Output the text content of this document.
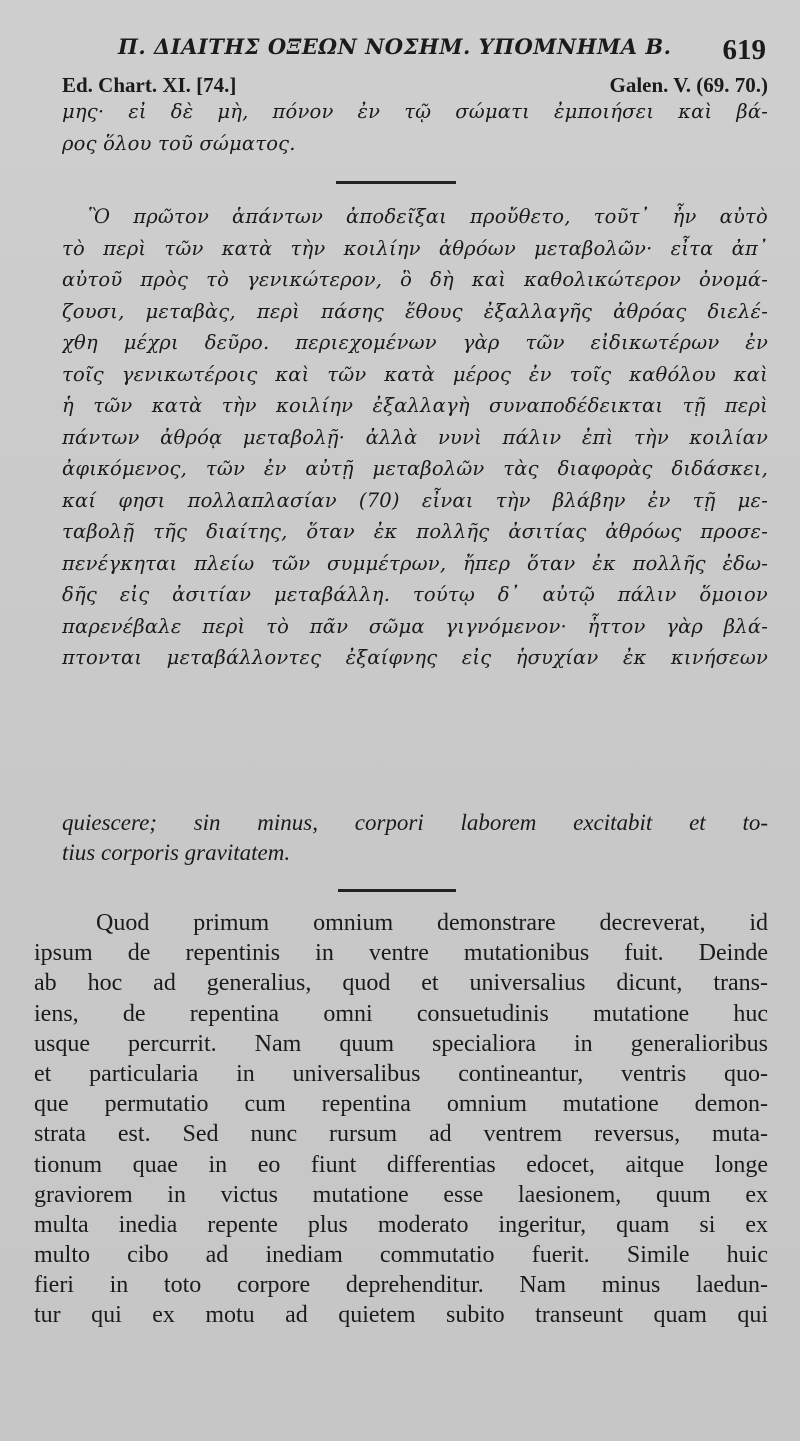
Π. ΔΙΑΙΤΗΣ ΟΞΕΩΝ ΝΟΣΗΜ. ΥΠΟΜΝΗΜΑ Β. 619
Ed. Chart. XI. [74.]	Galen. V. (69. 70.)
μης· εἰ δὲ μὴ, πόνον ἐν τῷ σώματι ἐμποιήσει καὶ βά-
ρος ὅλου τοῦ σώματος.
Ὃ πρῶτον ἁπάντων ἀποδεῖξαι προὔθετο, τοῦτ᾽ ἦν αὐτὸ
τὸ περὶ τῶν κατὰ τὴν κοιλίην ἀθρόων μεταβολῶν· εἶτα ἀπ᾽
αὐτοῦ πρὸς τὸ γενικώτερον, ὃ δὴ καὶ καθολικώτερον ὀνομά-
ζουσι, μεταβὰς, περὶ πάσης ἔθους ἐξαλλαγῆς ἀθρόας διελέ-
χθη μέχρι δεῦρο. περιεχομένων γὰρ τῶν εἰδικωτέρων ἐν
τοῖς γενικωτέροις καὶ τῶν κατὰ μέρος ἐν τοῖς καθόλου καὶ
ἡ τῶν κατὰ τὴν κοιλίην ἐξαλλαγὴ συναποδέδεικται τῇ περὶ
πάντων ἀθρόᾳ μεταβολῇ· ἀλλὰ νυνὶ πάλιν ἐπὶ τὴν κοιλίαν
ἀφικόμενος, τῶν ἐν αὐτῇ μεταβολῶν τὰς διαφορὰς διδάσκει,
καί φησι πολλαπλασίαν (70) εἶναι τὴν βλάβην ἐν τῇ με-
ταβολῇ τῆς διαίτης, ὅταν ἐκ πολλῆς ἀσιτίας ἀθρόως προσε-
πενέγκηται πλείω τῶν συμμέτρων, ἤπερ ὅταν ἐκ πολλῆς ἐδω-
δῆς εἰς ἀσιτίαν μεταβάλλη. τούτῳ δ᾽ αὐτῷ πάλιν ὅμοιον
παρενέβαλε περὶ τὸ πᾶν σῶμα γιγνόμενον· ἧττον γὰρ βλά-
πτονται μεταβάλλοντες ἐξαίφνης εἰς ἡσυχίαν ἐκ κινήσεων
quiescere; sin minus, corpori laborem excitabit et to-
tius corporis gravitatem.
Quod primum omnium demonstrare decreverat, id
ipsum de repentinis in ventre mutationibus fuit. Deinde
ab hoc ad generalius, quod et universalius dicunt, trans-
iens, de repentina omni consuetudinis mutatione huc
usque percurrit. Nam quum specialiora in generalioribus
et particularia in universalibus contineantur, ventris quo-
que permutatio cum repentina omnium mutatione demon-
strata est. Sed nunc rursum ad ventrem reversus, muta-
tionum quae in eo fiunt differentias edocet, aitque longe
graviorem in victus mutatione esse laesionem, quum ex
multa inedia repente plus moderato ingeritur, quam si ex
multo cibo ad inediam commutatio fuerit. Simile huic
fieri in toto corpore deprehenditur. Nam minus laedun-
tur qui ex motu ad quietem subito transeunt quam qui
